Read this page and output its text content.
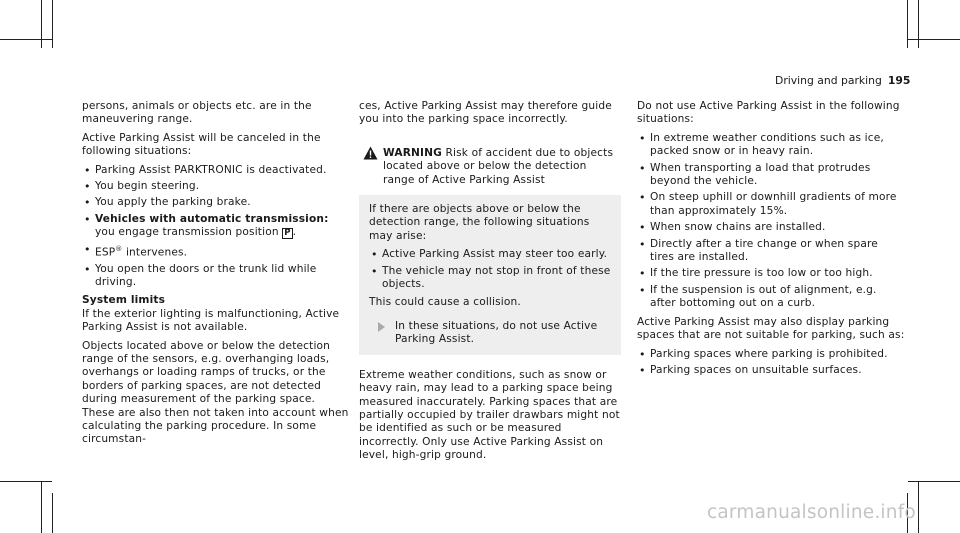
Driving and parking 195

persons, animals or objects etc. are in the maneuvering range.

Active Parking Assist will be canceled in the following situations:

• Parking Assist PARKTRONIC is deactivated.
• You begin steering.
• You apply the parking brake.
• Vehicles with automatic transmission:
you engage transmission position P .
• ESP® intervenes.
• You open the doors or the trunk lid while driving.
System limits

If the exterior lighting is malfunctioning, Active Parking Assist is not available.

Objects located above or below the detection range of the sensors, e.g. overhanging loads, overhangs or loading ramps of trucks, or the borders of parking spaces, are not detected during measurement of the parking space. These are also then not taken into account when calculating the parking procedure. In some circumstan-

ces, Active Parking Assist may therefore guide you into the parking space incorrectly.

WARNING Risk of accident due to objects located above or below the detection range of Active Parking Assist

If there are objects above or below the detection range, the following situations may arise:

• Active Parking Assist may steer too early.
• The vehicle may not stop in front of these objects.

This could cause a collision.

In these situations, do not use Active Parking Assist.

Extreme weather conditions, such as snow or heavy rain, may lead to a parking space being measured inaccurately. Parking spaces that are partially occupied by trailer drawbars might not be identified as such or be measured incorrectly. Only use Active Parking Assist on level, high-grip ground.

Do not use Active Parking Assist in the following situations:

• In extreme weather conditions such as ice, packed snow or in heavy rain.
• When transporting a load that protrudes beyond the vehicle.
• On steep uphill or downhill gradients of more than approximately 15%.
• When snow chains are installed.
• Directly after a tire change or when spare tires are installed.
• If the tire pressure is too low or too high.
• If the suspension is out of alignment, e.g. after bottoming out on a curb.

Active Parking Assist may also display parking spaces that are not suitable for parking, such as:

• Parking spaces where parking is prohibited.
• Parking spaces on unsuitable surfaces.
carmanualsonline.info
